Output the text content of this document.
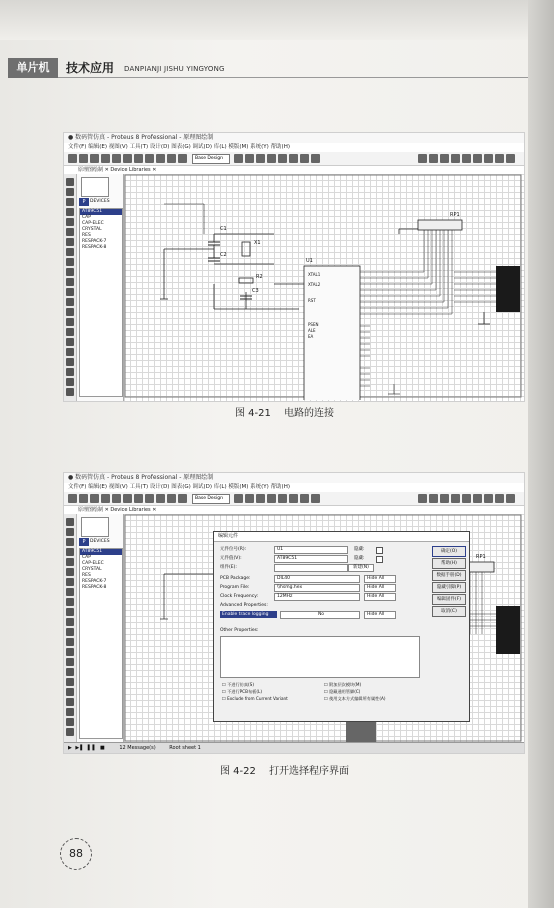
单片机	技术应用 DANPIANJI JISHU YINGYONG
● 数码管仿真 - Proteus 8 Professional - 原理图绘制
文件(F) 编辑(E) 视图(V) 工具(T) 设计(D) 图表(G) 调试(D) 库(L) 模版(M) 系统(Y) 帮助(H)
Base Design
原理图绘制 ✕ Device Libraries ✕
P	DEVICES
AT89C51
CAP
CAP-ELEC
CRYSTAL
RES
RESPACK-7
RESPACK-8
RP1
U1
C1
C2
C3
X1
R2	XTAL1
XTAL2
RST
PSEN
ALE
EA
图 4-21 电路的连接
● 数码管仿真 - Proteus 8 Professional - 原理图绘制
文件(F) 编辑(E) 视图(V) 工具(T) 设计(D) 图表(G) 调试(D) 库(L) 模版(M) 系统(Y) 帮助(H)
Base Design
原理图绘制 ✕ Device Libraries ✕
P	DEVICES
AT89C51
CAP
CAP-ELEC
CRYSTAL
RES
RESPACK-7
RESPACK-8
RP1
编辑元件
元件位号(R):	U1	隐藏:
元件值(V):	AT89C51	隐藏:
组件(E):	新建(N)
PCB Package:	DIL40	Hide All
Program File:	\\hsmg.hex	Hide All
Clock Frequency:	12MHz	Hide All
Advanced Properties:
Enable trace logging	No	Hide All
Other Properties:
☐ 不进行仿真(S)
☐ 不进行PCB布板(L)
☐ Exclude from Current Variant
☐ 附加层次模块(M)
☐ 隐藏通用管脚(C)
☐ 使用文本方式编辑所有属性(A)
确定(O)
帮助(H)
数据手册(D)
隐藏引脚(P)
编辑固件(F)
取消(C)
▶ ▶▌ ▌▌ ■	12 Message(s)	Root sheet 1
图 4-22 打开选择程序界面
88
